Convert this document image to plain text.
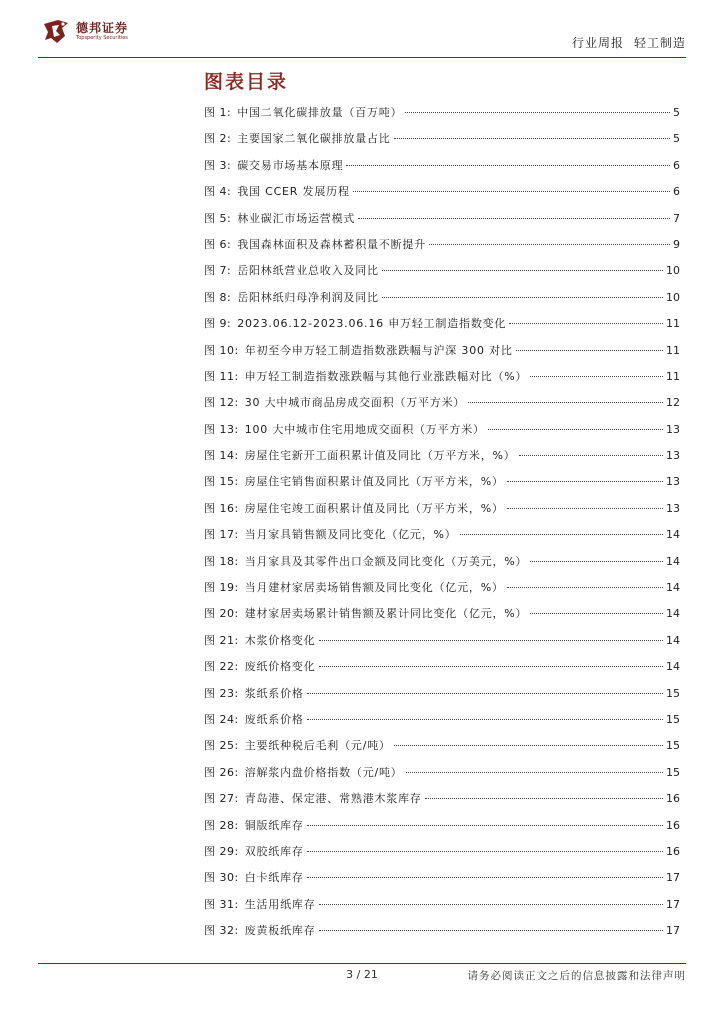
德邦证券
Topsperity Securities	行业周报 轻工制造
图表目录
图 1: 中国二氧化碳排放量（百万吨）	5
图 2: 主要国家二氧化碳排放量占比	5
图 3: 碳交易市场基本原理	6
图 4: 我国 CCER 发展历程	6
图 5: 林业碳汇市场运营模式	7
图 6: 我国森林面积及森林蓄积量不断提升	9
图 7: 岳阳林纸营业总收入及同比	10
图 8: 岳阳林纸归母净利润及同比	10
图 9: 2023.06.12-2023.06.16 申万轻工制造指数变化	11
图 10: 年初至今申万轻工制造指数涨跌幅与沪深 300 对比	11
图 11: 申万轻工制造指数涨跌幅与其他行业涨跌幅对比（%）	11
图 12: 30 大中城市商品房成交面积（万平方米）	12
图 13: 100 大中城市住宅用地成交面积（万平方米）	13
图 14: 房屋住宅新开工面积累计值及同比（万平方米，%）	13
图 15: 房屋住宅销售面积累计值及同比（万平方米，%）	13
图 16: 房屋住宅竣工面积累计值及同比（万平方米，%）	13
图 17: 当月家具销售额及同比变化（亿元，%）	14
图 18: 当月家具及其零件出口金额及同比变化（万美元，%）	14
图 19: 当月建材家居卖场销售额及同比变化（亿元，%）	14
图 20: 建材家居卖场累计销售额及累计同比变化（亿元，%）	14
图 21: 木浆价格变化	14
图 22: 废纸价格变化	14
图 23: 浆纸系价格	15
图 24: 废纸系价格	15
图 25: 主要纸种税后毛利（元/吨）	15
图 26: 溶解浆内盘价格指数（元/吨）	15
图 27: 青岛港、保定港、常熟港木浆库存	16
图 28: 铜版纸库存	16
图 29: 双胶纸库存	16
图 30: 白卡纸库存	17
图 31: 生活用纸库存	17
图 32: 废黄板纸库存	17
3 / 21	请务必阅读正文之后的信息披露和法律声明
